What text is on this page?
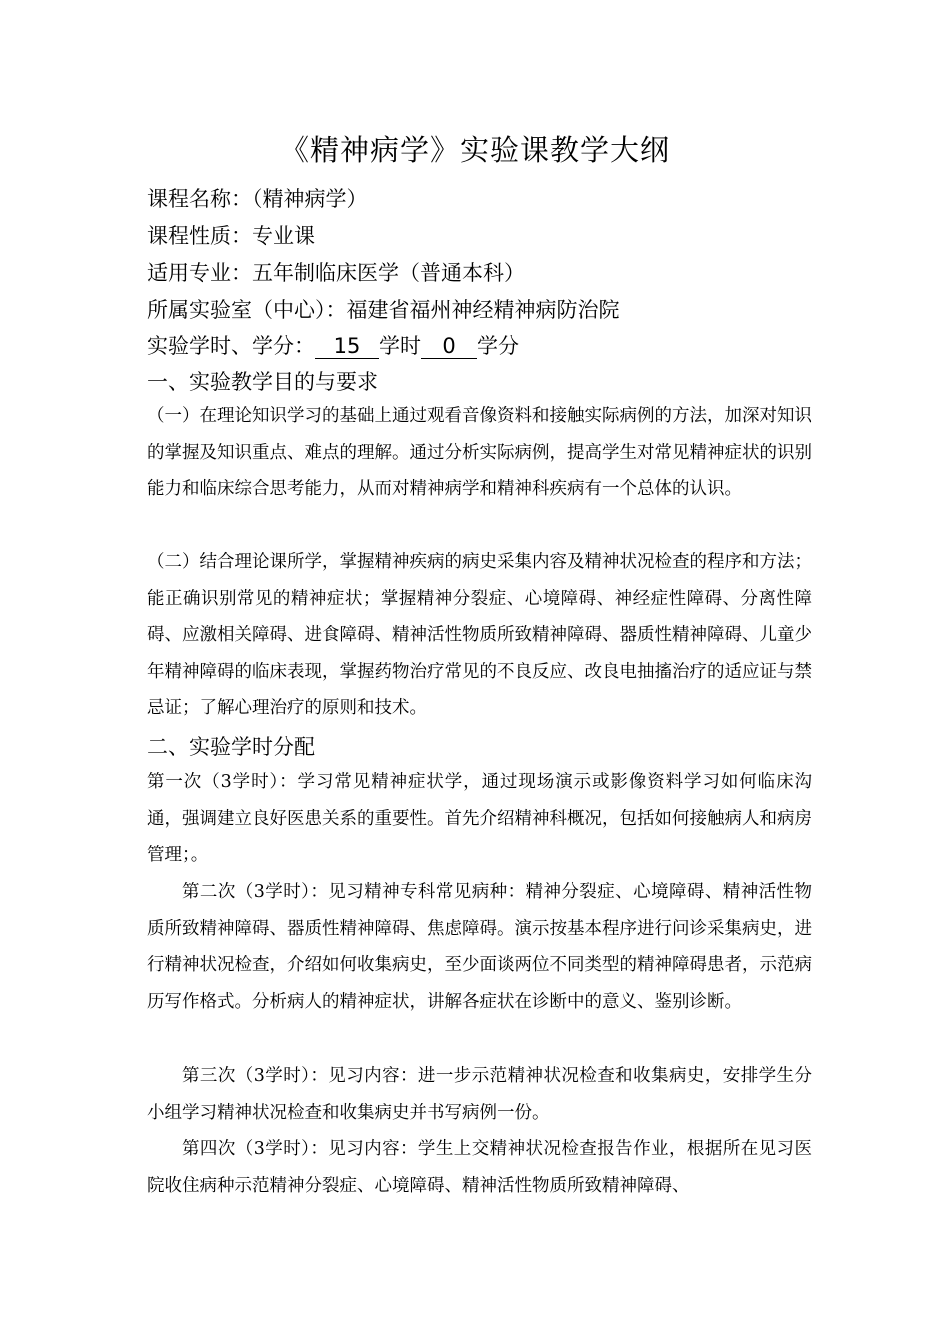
《精神病学》实验课教学大纲

课程名称：（精神病学）

课程性质：专业课

适用专业：五年制临床医学（普通本科）

所属实验室（中心）：福建省福州神经精神病防治院

实验学时、学分： 15 学时 0 学分

一、实验教学目的与要求

（一）在理论知识学习的基础上通过观看音像资料和接触实际病例的方法，加深对知识的掌握及知识重点、难点的理解。通过分析实际病例，提高学生对常见精神症状的识别能力和临床综合思考能力，从而对精神病学和精神科疾病有一个总体的认识。

（二）结合理论课所学，掌握精神疾病的病史采集内容及精神状况检查的程序和方法；能正确识别常见的精神症状；掌握精神分裂症、心境障碍、神经症性障碍、分离性障碍、应激相关障碍、进食障碍、精神活性物质所致精神障碍、器质性精神障碍、儿童少年精神障碍的临床表现，掌握药物治疗常见的不良反应、改良电抽搐治疗的适应证与禁忌证；了解心理治疗的原则和技术。

二、实验学时分配

第一次（3学时）：学习常见精神症状学，通过现场演示或影像资料学习如何临床沟通，强调建立良好医患关系的重要性。首先介绍精神科概况，包括如何接触病人和病房管理；。

第二次（3学时）：见习精神专科常见病种：精神分裂症、心境障碍、精神活性物质所致精神障碍、器质性精神障碍、焦虑障碍。演示按基本程序进行问诊采集病史，进行精神状况检查，介绍如何收集病史，至少面谈两位不同类型的精神障碍患者，示范病历写作格式。分析病人的精神症状，讲解各症状在诊断中的意义、鉴别诊断。

第三次（3学时）：见习内容：进一步示范精神状况检查和收集病史，安排学生分小组学习精神状况检查和收集病史并书写病例一份。

第四次（3学时）：见习内容：学生上交精神状况检查报告作业，根据所在见习医院收住病种示范精神分裂症、心境障碍、精神活性物质所致精神障碍、
